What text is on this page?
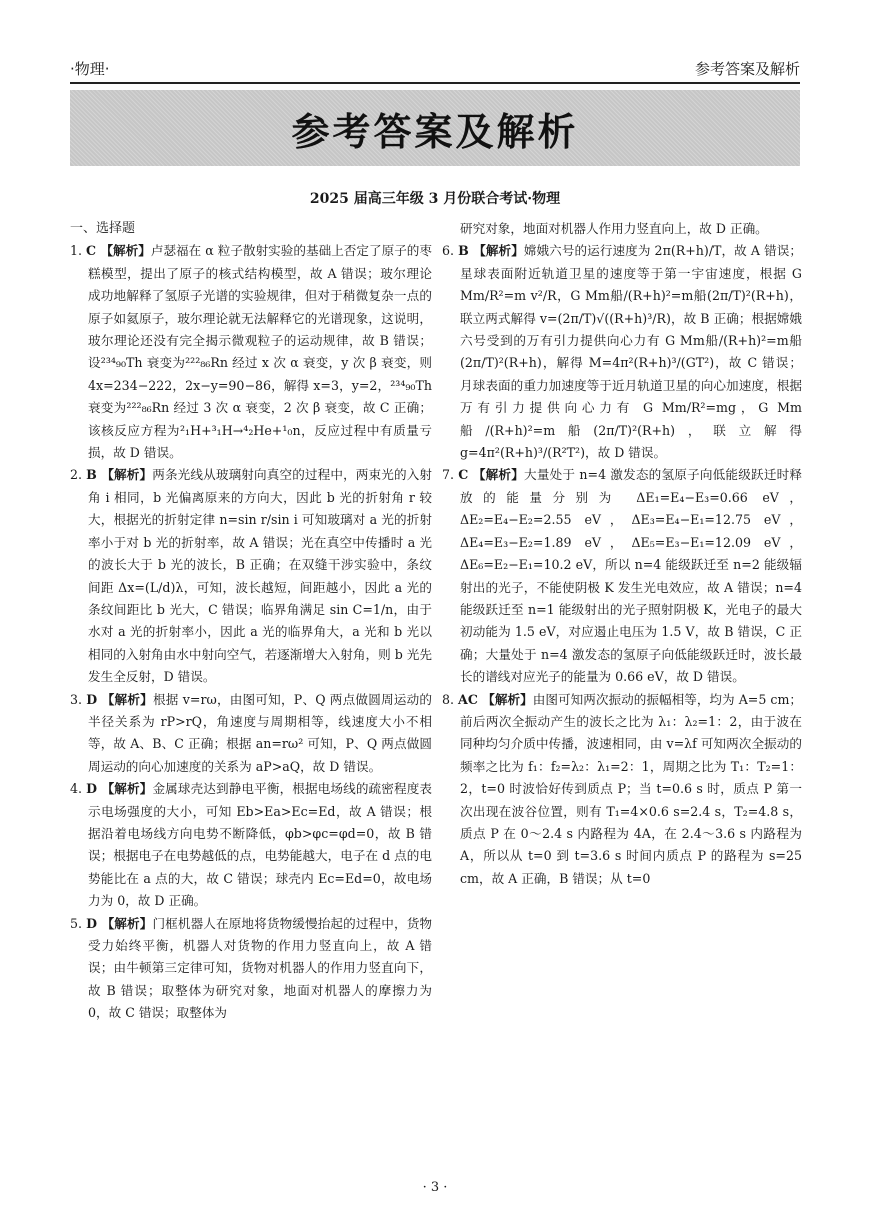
·物理·	参考答案及解析
参考答案及解析
2025 届高三年级 3 月份联合考试·物理
一、选择题

1. C 【解析】卢瑟福在 α 粒子散射实验的基础上否定了原子的枣糕模型，提出了原子的核式结构模型，故 A 错误；玻尔理论成功地解释了氢原子光谱的实验规律，但对于稍微复杂一点的原子如氦原子，玻尔理论就无法解释它的光谱现象，这说明，玻尔理论还没有完全揭示微观粒子的运动规律，故 B 错误；设²³⁴₉₀Th 衰变为²²²₈₆Rn 经过 x 次 α 衰变，y 次 β 衰变，则 4x=234−222，2x−y=90−86，解得 x=3，y=2，²³⁴₉₀Th 衰变为²²²₈₆Rn 经过 3 次 α 衰变，2 次 β 衰变，故 C 正确；该核反应方程为²₁H+³₁H→⁴₂He+¹₀n，反应过程中有质量亏损，故 D 错误。

2. B 【解析】两条光线从玻璃射向真空的过程中，两束光的入射角 i 相同，b 光偏离原来的方向大，因此 b 光的折射角 r 较大，根据光的折射定律 n=sin r/sin i 可知玻璃对 a 光的折射率小于对 b 光的折射率，故 A 错误；光在真空中传播时 a 光的波长大于 b 光的波长，B 正确；在双缝干涉实验中，条纹间距 Δx=(L/d)λ，可知，波长越短，间距越小，因此 a 光的条纹间距比 b 光大，C 错误；临界角满足 sin C=1/n，由于水对 a 光的折射率小，因此 a 光的临界角大，a 光和 b 光以相同的入射角由水中射向空气，若逐渐增大入射角，则 b 光先发生全反射，D 错误。

3. D 【解析】根据 v=rω，由图可知，P、Q 两点做圆周运动的半径关系为 rP>rQ，角速度与周期相等，线速度大小不相等，故 A、B、C 正确；根据 an=rω² 可知，P、Q 两点做圆周运动的向心加速度的关系为 aP>aQ，故 D 错误。

4. D 【解析】金属球壳达到静电平衡，根据电场线的疏密程度表示电场强度的大小，可知 Eb>Ea>Ec=Ed，故 A 错误；根据沿着电场线方向电势不断降低，φb>φc=φd=0，故 B 错误；根据电子在电势越低的点，电势能越大，电子在 d 点的电势能比在 a 点的大，故 C 错误；球壳内 Ec=Ed=0，故电场力为 0，故 D 正确。

5. D 【解析】门框机器人在原地将货物缓慢抬起的过程中，货物受力始终平衡，机器人对货物的作用力竖直向上，故 A 错误；由牛顿第三定律可知，货物对机器人的作用力竖直向下，故 B 错误；取整体为研究对象，地面对机器人的摩擦力为 0，故 C 错误；取整体为

研究对象，地面对机器人作用力竖直向上，故 D 正确。

6. B 【解析】嫦娥六号的运行速度为 2π(R+h)/T，故 A 错误；星球表面附近轨道卫星的速度等于第一宇宙速度，根据 G Mm/R²=m v²/R，G Mm船/(R+h)²=m船(2π/T)²(R+h)，联立两式解得 v=(2π/T)√((R+h)³/R)，故 B 正确；根据嫦娥六号受到的万有引力提供向心力有 G Mm船/(R+h)²=m船(2π/T)²(R+h)，解得 M=4π²(R+h)³/(GT²)，故 C 错误；月球表面的重力加速度等于近月轨道卫星的向心加速度，根据万有引力提供向心力有 G Mm/R²=mg，G Mm船/(R+h)²=m船(2π/T)²(R+h)，联立解得 g=4π²(R+h)³/(R²T²)，故 D 错误。

7. C 【解析】大量处于 n=4 激发态的氢原子向低能级跃迁时释放的能量分别为 ΔE₁=E₄−E₃=0.66 eV，ΔE₂=E₄−E₂=2.55 eV，ΔE₃=E₄−E₁=12.75 eV，ΔE₄=E₃−E₂=1.89 eV，ΔE₅=E₃−E₁=12.09 eV，ΔE₆=E₂−E₁=10.2 eV，所以 n=4 能级跃迁至 n=2 能级辐射出的光子，不能使阴极 K 发生光电效应，故 A 错误；n=4 能级跃迁至 n=1 能级射出的光子照射阴极 K，光电子的最大初动能为 1.5 eV，对应遏止电压为 1.5 V，故 B 错误，C 正确；大量处于 n=4 激发态的氢原子向低能级跃迁时，波长最长的谱线对应光子的能量为 0.66 eV，故 D 错误。

8. AC 【解析】由图可知两次振动的振幅相等，均为 A=5 cm；前后两次全振动产生的波长之比为 λ₁：λ₂=1：2，由于波在同种均匀介质中传播，波速相同，由 v=λf 可知两次全振动的频率之比为 f₁：f₂=λ₂：λ₁=2：1，周期之比为 T₁：T₂=1：2，t=0 时波恰好传到质点 P；当 t=0.6 s 时，质点 P 第一次出现在波谷位置，则有 T₁=4×0.6 s=2.4 s，T₂=4.8 s，质点 P 在 0～2.4 s 内路程为 4A，在 2.4～3.6 s 内路程为 A，所以从 t=0 到 t=3.6 s 时间内质点 P 的路程为 s=25 cm，故 A 正确，B 错误；从 t=0

· 3 ·
